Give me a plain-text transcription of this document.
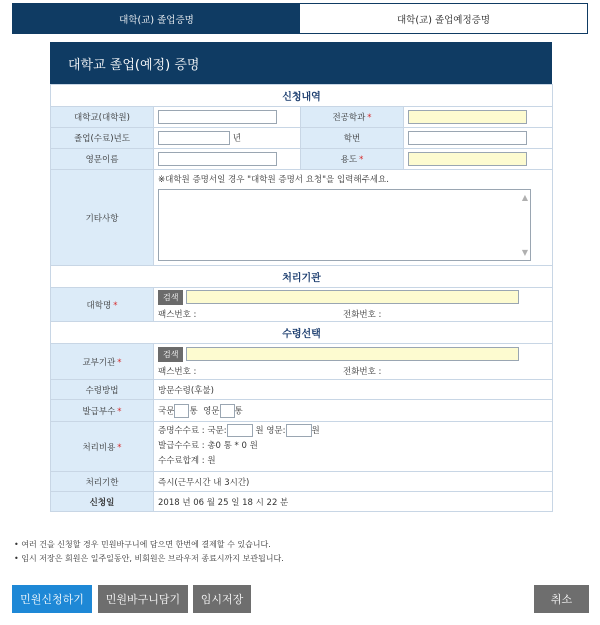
대학(교) 졸업증명	대학(교) 졸업예정증명
대학교 졸업(예정) 증명
신청내역			
대학교(대학원)		전공학과 *	
졸업(수료)년도	년	학번	
영문이름		용도 *	
기타사항	※대학원 증명서일 경우 "대학원 증명서 요청"을 입력해주세요.
▲
▼		

처리기관			
대학명 *	검색
팩스번호 : 전화번호 :		

수령선택			
교부기관 *	검색
팩스번호 : 전화번호 :		

수령방법	방문수령(후불)		
발급부수 *	국문 통 영문 통		
처리비용 *	증명수수료 : 국문: 원 영문: 원
발급수수료 : 총0 통 * 0 원
수수료합계 : 원		

처리기한	즉시(근무시간 내 3시간)		
신청일	2018 년 06 월 25 일 18 시 22 분		
• 여러 건을 신청할 경우 민원바구니에 담으면 한번에 결제할 수 있습니다.
• 임시 저장은 회원은 일주일동안, 비회원은 브라우저 종료시까지 보관됩니다.
민원신청하기	민원바구니담기	임시저장	취소
